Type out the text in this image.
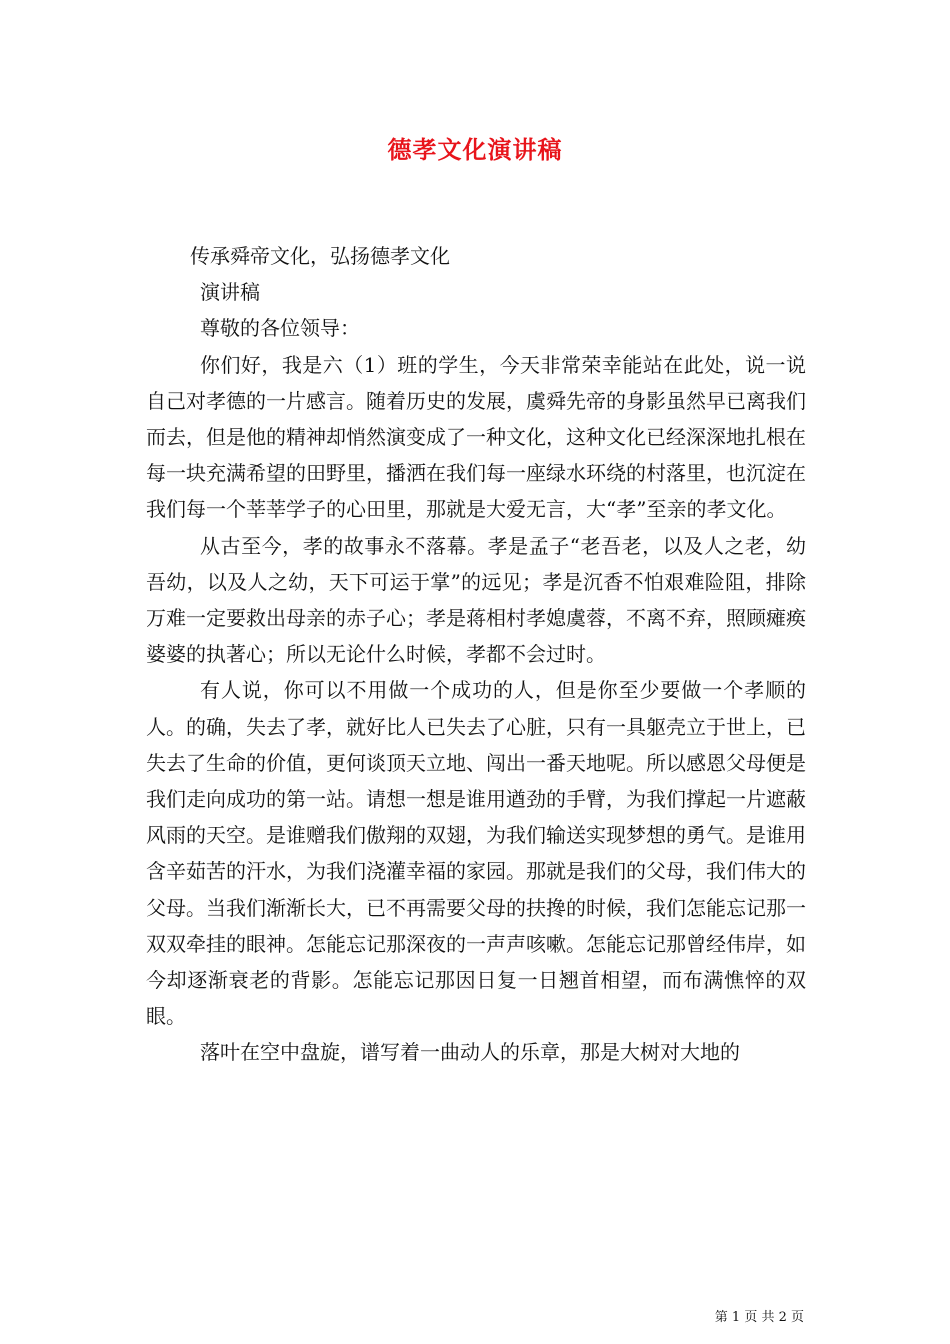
德孝文化演讲稿

传承舜帝文化，弘扬德孝文化

演讲稿

尊敬的各位领导：

你们好，我是六（1）班的学生，今天非常荣幸能站在此处，说一说自己对孝德的一片感言。随着历史的发展，虞舜先帝的身影虽然早已离我们而去，但是他的精神却悄然演变成了一种文化，这种文化已经深深地扎根在每一块充满希望的田野里，播洒在我们每一座绿水环绕的村落里，也沉淀在我们每一个莘莘学子的心田里，那就是大爱无言，大“孝”至亲的孝文化。

从古至今，孝的故事永不落幕。孝是孟子“老吾老，以及人之老，幼吾幼，以及人之幼，天下可运于掌”的远见；孝是沉香不怕艰难险阻，排除万难一定要救出母亲的赤子心；孝是蒋相村孝媳虞蓉，不离不弃，照顾瘫痪婆婆的执著心；所以无论什么时候，孝都不会过时。

有人说，你可以不用做一个成功的人，但是你至少要做一个孝顺的人。的确，失去了孝，就好比人已失去了心脏，只有一具躯壳立于世上，已失去了生命的价值，更何谈顶天立地、闯出一番天地呢。所以感恩父母便是我们走向成功的第一站。请想一想是谁用遒劲的手臂，为我们撑起一片遮蔽风雨的天空。是谁赠我们傲翔的双翅，为我们输送实现梦想的勇气。是谁用含辛茹苦的汗水，为我们浇灌幸福的家园。那就是我们的父母，我们伟大的父母。当我们渐渐长大，已不再需要父母的扶搀的时候，我们怎能忘记那一双双牵挂的眼神。怎能忘记那深夜的一声声咳嗽。怎能忘记那曾经伟岸，如今却逐渐衰老的背影。怎能忘记那因日复一日翘首相望，而布满憔悴的双眼。

落叶在空中盘旋，谱写着一曲动人的乐章，那是大树对大地的

第 1 页 共 2 页
